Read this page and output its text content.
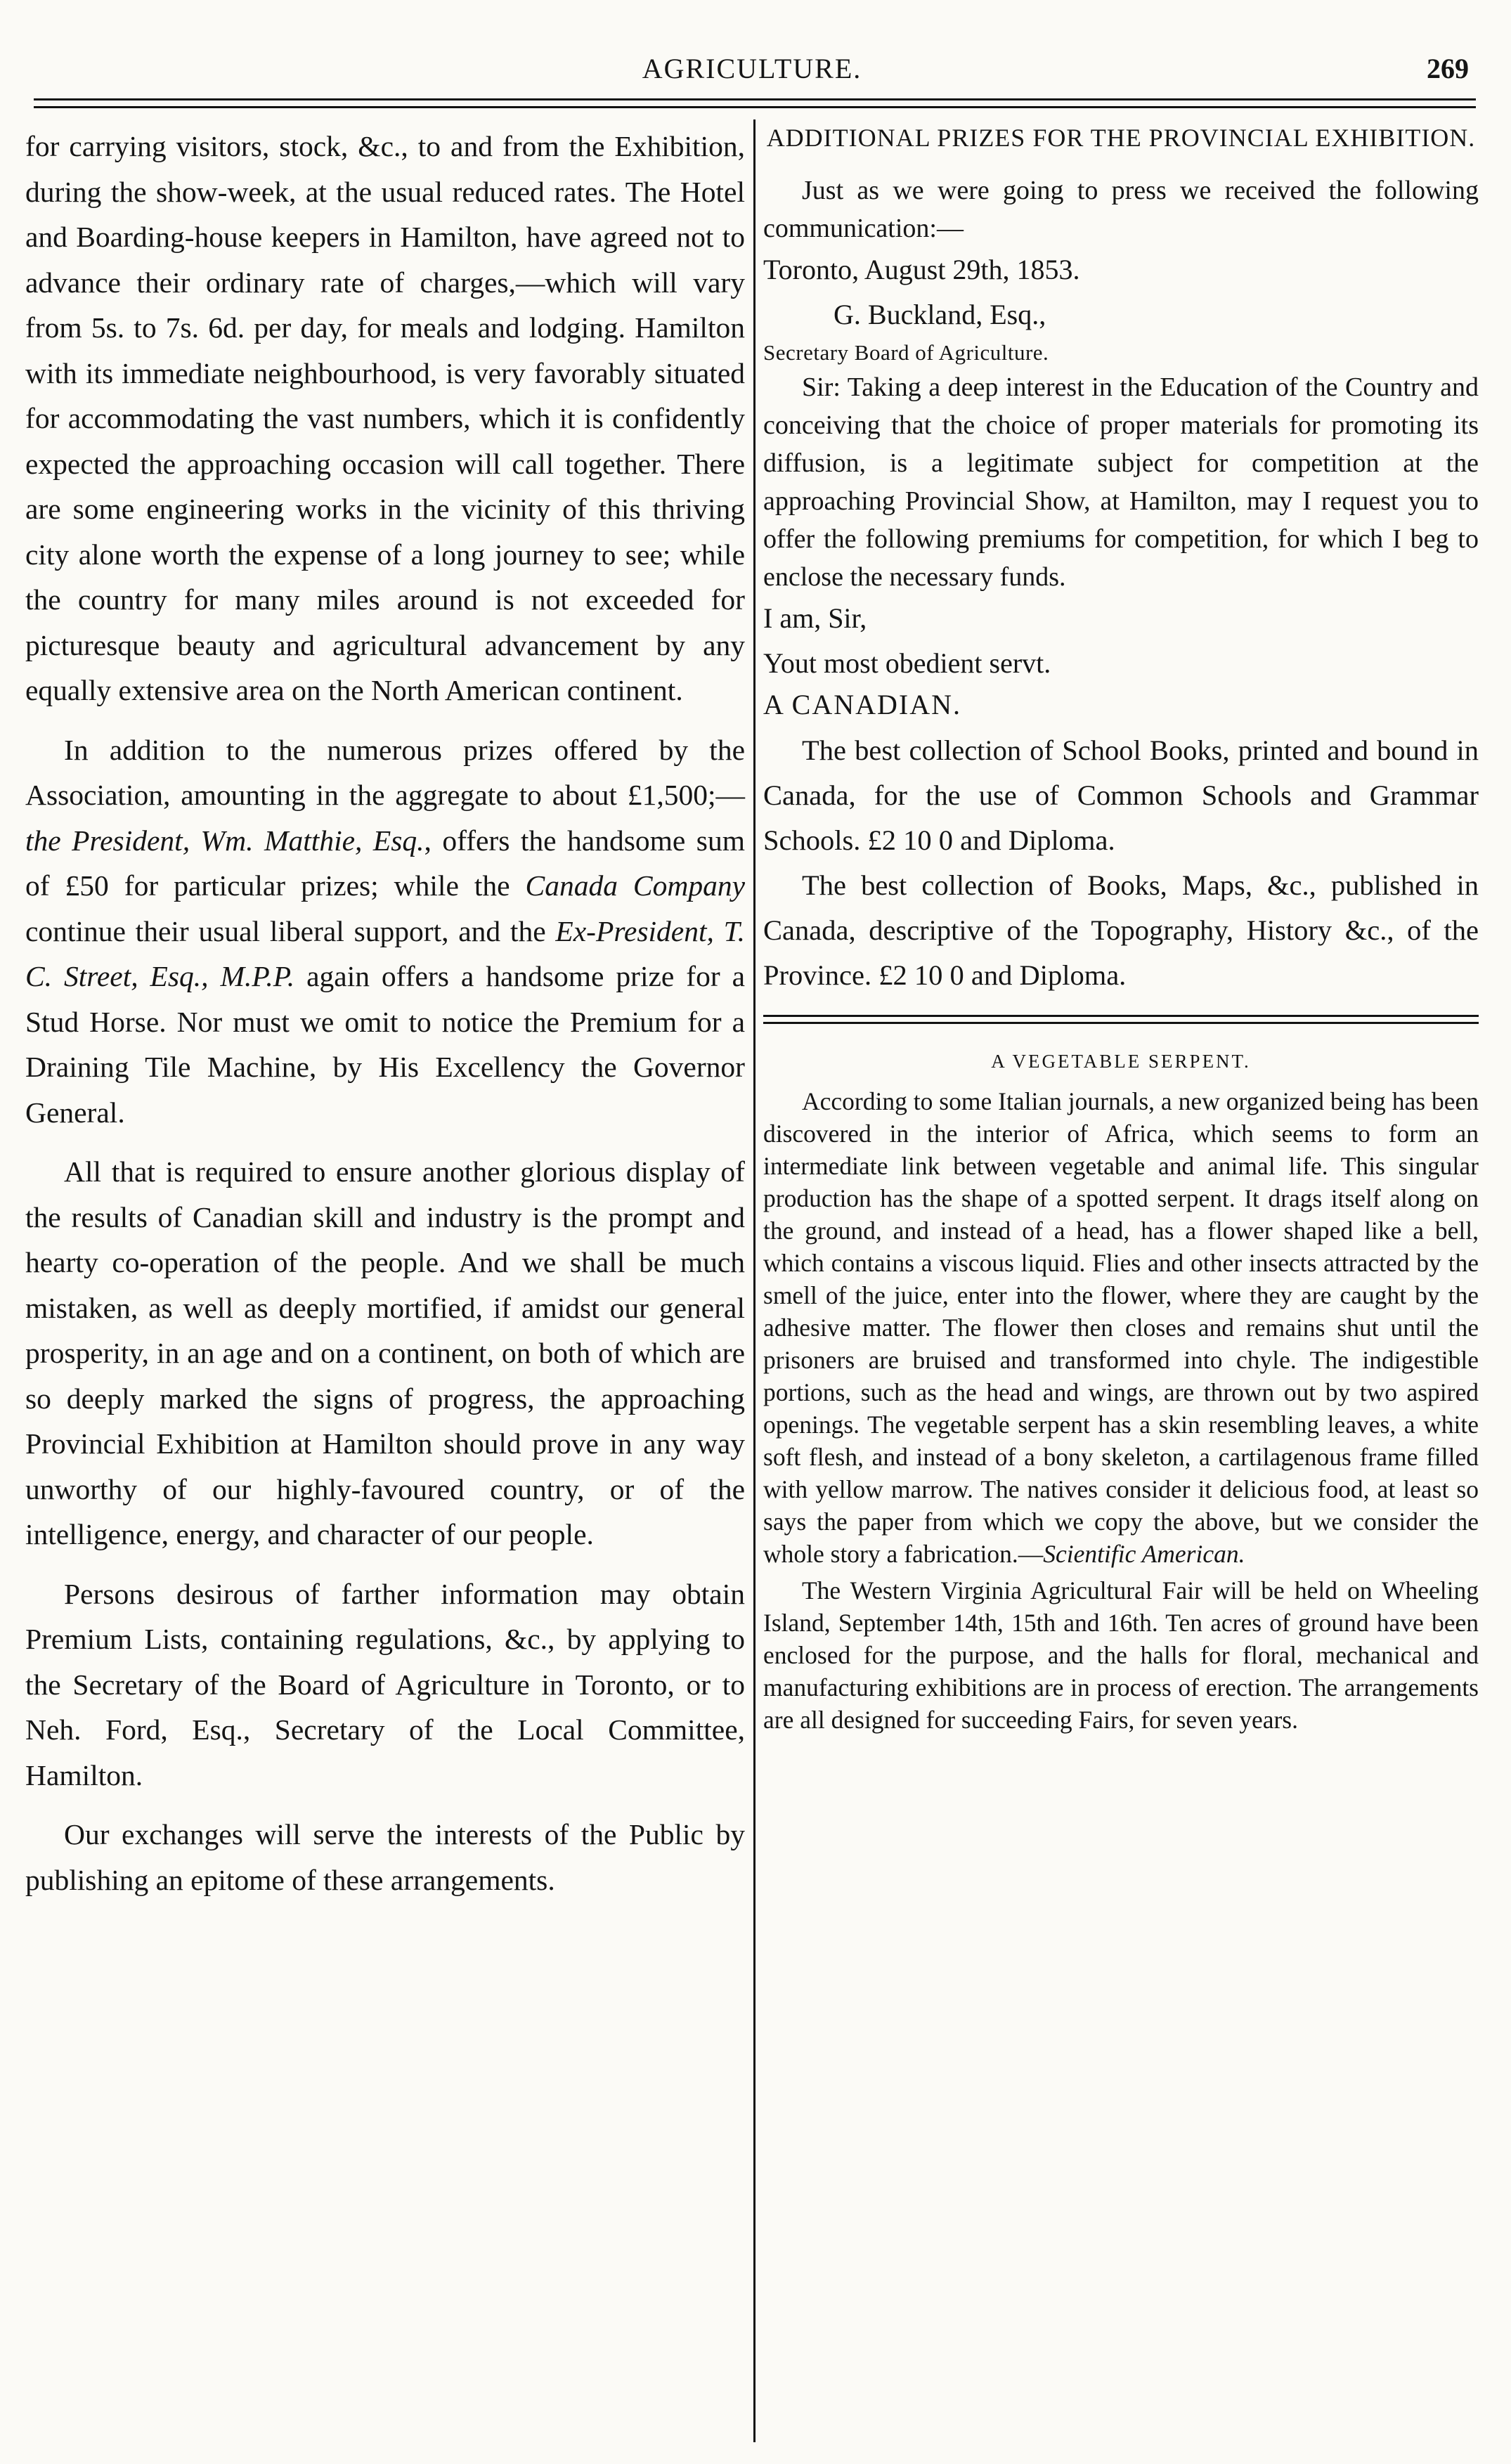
AGRICULTURE.	269

for carrying visitors, stock, &c., to and from the Exhibition, during the show-week, at the usual reduced rates. The Hotel and Boarding-house keepers in Hamilton, have agreed not to advance their ordinary rate of charges,—which will vary from 5s. to 7s. 6d. per day, for meals and lodging. Hamilton with its immediate neighbourhood, is very favorably situated for accommodating the vast numbers, which it is confidently expected the approaching occasion will call together. There are some engineering works in the vicinity of this thriving city alone worth the expense of a long journey to see; while the country for many miles around is not exceeded for picturesque beauty and agricultural advancement by any equally extensive area on the North American continent.

In addition to the numerous prizes offered by the Association, amounting in the aggregate to about £1,500;—the President, Wm. Matthie, Esq., offers the handsome sum of £50 for particular prizes; while the Canada Company continue their usual liberal support, and the Ex-President, T. C. Street, Esq., M.P.P. again offers a handsome prize for a Stud Horse. Nor must we omit to notice the Premium for a Draining Tile Machine, by His Excellency the Governor General.

All that is required to ensure another glorious display of the results of Canadian skill and industry is the prompt and hearty co-operation of the people. And we shall be much mistaken, as well as deeply mortified, if amidst our general prosperity, in an age and on a continent, on both of which are so deeply marked the signs of progress, the approaching Provincial Exhibition at Hamilton should prove in any way unworthy of our highly-favoured country, or of the intelligence, energy, and character of our people.

Persons desirous of farther information may obtain Premium Lists, containing regulations, &c., by applying to the Secretary of the Board of Agriculture in Toronto, or to Neh. Ford, Esq., Secretary of the Local Committee, Hamilton.

Our exchanges will serve the interests of the Public by publishing an epitome of these arrangements.

ADDITIONAL PRIZES FOR THE PROVINCIAL EXHIBITION.

Just as we were going to press we received the following communication:—

Toronto, August 29th, 1853.

G. Buckland, Esq.,

Secretary Board of Agriculture.

Sir: Taking a deep interest in the Education of the Country and conceiving that the choice of proper materials for promoting its diffusion, is a legitimate subject for competition at the approaching Provincial Show, at Hamilton, may I request you to offer the following premiums for competition, for which I beg to enclose the necessary funds.

I am, Sir,

Yout most obedient servt.

A CANADIAN.

The best collection of School Books, printed and bound in Canada, for the use of Common Schools and Grammar Schools. £2 10 0 and Diploma.

The best collection of Books, Maps, &c., published in Canada, descriptive of the Topography, History &c., of the Province. £2 10 0 and Diploma.

A VEGETABLE SERPENT.

According to some Italian journals, a new organized being has been discovered in the interior of Africa, which seems to form an intermediate link between vegetable and animal life. This singular production has the shape of a spotted serpent. It drags itself along on the ground, and instead of a head, has a flower shaped like a bell, which contains a viscous liquid. Flies and other insects attracted by the smell of the juice, enter into the flower, where they are caught by the adhesive matter. The flower then closes and remains shut until the prisoners are bruised and transformed into chyle. The indigestible portions, such as the head and wings, are thrown out by two aspired openings. The vegetable serpent has a skin resembling leaves, a white soft flesh, and instead of a bony skeleton, a cartilagenous frame filled with yellow marrow. The natives consider it delicious food, at least so says the paper from which we copy the above, but we consider the whole story a fabrication.—Scientific American.

The Western Virginia Agricultural Fair will be held on Wheeling Island, September 14th, 15th and 16th. Ten acres of ground have been enclosed for the purpose, and the halls for floral, mechanical and manufacturing exhibitions are in process of erection. The arrangements are all designed for succeeding Fairs, for seven years.
